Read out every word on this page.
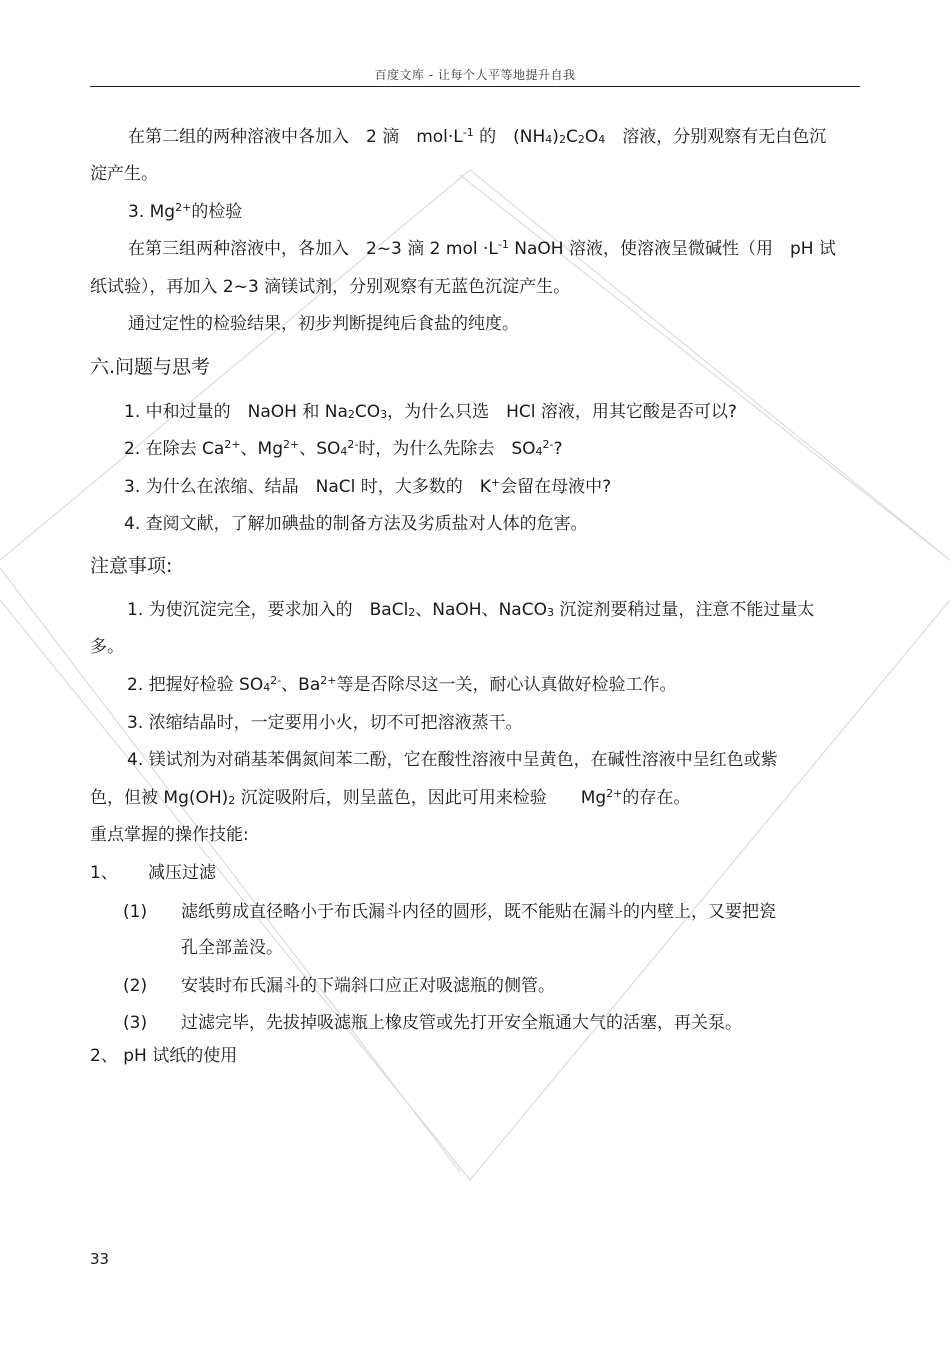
百度文库 - 让每个人平等地提升自我
在第二组的两种溶液中各加入　2 滴　$mol\cdot L^{-1}$ 的　$(NH_4)_2C_2O_4$　溶液，分别观察有无白色沉
淀产生。
3. $Mg^{2+}$的检验
在第三组两种溶液中，各加入　2~3 滴 2 mol $\cdot L^{-1}$ NaOH 溶液，使溶液呈微碱性（用　pH 试
纸试验），再加入 2~3 滴镁试剂，分别观察有无蓝色沉淀产生。
通过定性的检验结果，初步判断提纯后食盐的纯度。
六.问题与思考
1. 中和过量的　NaOH 和 $Na_2CO_3$，为什么只选　HCl 溶液，用其它酸是否可以?
2. 在除去 $Ca^{2+}$、$Mg^{2+}$、$SO_4^{2-}$时，为什么先除去　$SO_4^{2-}$?
3. 为什么在浓缩、结晶　NaCl 时，大多数的　K+会留在母液中?
4. 查阅文献，了解加碘盐的制备方法及劣质盐对人体的危害。
注意事项:
1. 为使沉淀完全，要求加入的　BaCl$_2$、NaOH、NaCO$_3$ 沉淀剂要稍过量，注意不能过量太
多。
2. 把握好检验 $SO_4^{2-}$、$Ba^{2+}$等是否除尽这一关，耐心认真做好检验工作。
3. 浓缩结晶时，一定要用小火，切不可把溶液蒸干。
4. 镁试剂为对硝基苯偶氮间苯二酚，它在酸性溶液中呈黄色，在碱性溶液中呈红色或紫
色，但被 $Mg(OH)_2$ 沉淀吸附后，则呈蓝色，因此可用来检验　　$Mg^{2+}$的存在。
重点掌握的操作技能:
1、 减压过滤
(1) 滤纸剪成直径略小于布氏漏斗内径的圆形，既不能贴在漏斗的内壁上，又要把瓷
孔全部盖没。
(2) 安装时布氏漏斗的下端斜口应正对吸滤瓶的侧管。
(3) 过滤完毕，先拔掉吸滤瓶上橡皮管或先打开安全瓶通大气的活塞，再关泵。
2、 pH 试纸的使用
33
